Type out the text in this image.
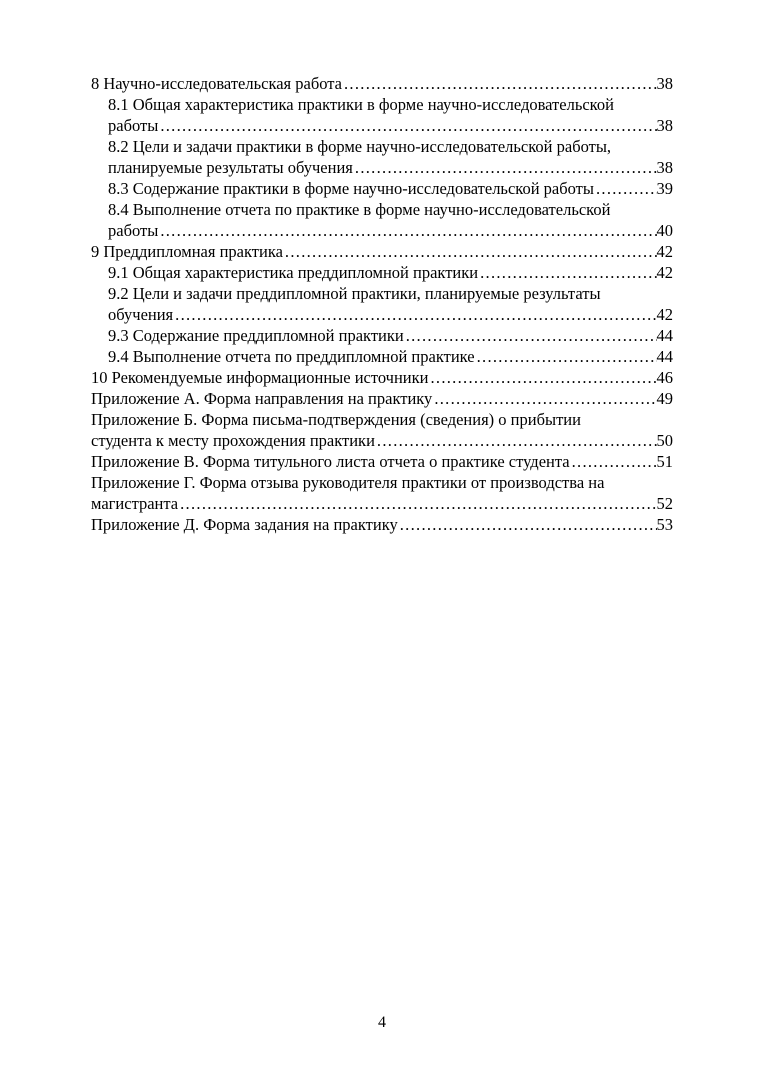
8 Научно-исследовательская работа .....	38
8.1 Общая характеристика практики в форме научно-исследовательской
работы .....	38
8.2 Цели и задачи практики в форме научно-исследовательской работы,
планируемые результаты обучения .....	38
8.3 Содержание практики в форме научно-исследовательской работы .....	39
8.4 Выполнение отчета по практике в форме научно-исследовательской
работы .....	40
9 Преддипломная практика .....	42
9.1 Общая характеристика преддипломной практики .....	42
9.2 Цели и задачи преддипломной практики, планируемые результаты
обучения .....	42
9.3 Содержание преддипломной практики .....	44
9.4 Выполнение отчета по преддипломной практике .....	44
10 Рекомендуемые информационные источники .....	46
Приложение А. Форма направления на практику .....	49
Приложение Б. Форма письма-подтверждения (сведения) о прибытии
студента к месту прохождения практики .....	50
Приложение В. Форма титульного листа отчета о практике студента .....	51
Приложение Г. Форма отзыва руководителя практики от производства на
магистранта .....	52
Приложение Д. Форма задания на практику .....	53
4
